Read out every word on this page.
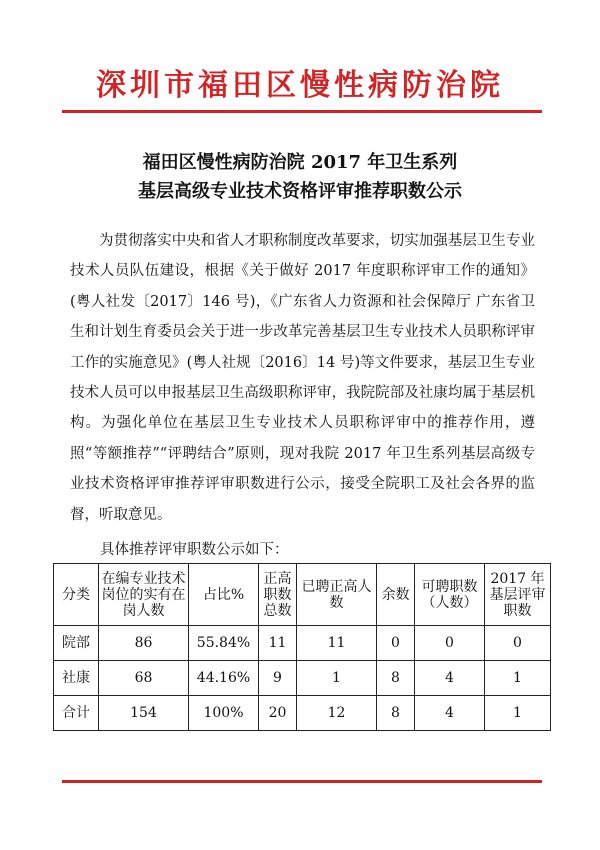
深圳市福田区慢性病防治院
福田区慢性病防治院 2017 年卫生系列
基层高级专业技术资格评审推荐职数公示

为贯彻落实中央和省人才职称制度改革要求，切实加强基层卫生专业技术人员队伍建设，根据《关于做好 2017 年度职称评审工作的通知》(粤人社发〔2017〕146 号)，《广东省人力资源和社会保障厅 广东省卫生和计划生育委员会关于进一步改革完善基层卫生专业技术人员职称评审工作的实施意见》(粤人社规〔2016〕14 号)等文件要求，基层卫生专业技术人员可以申报基层卫生高级职称评审，我院院部及社康均属于基层机构。为强化单位在基层卫生专业技术人员职称评审中的推荐作用，遵照“等额推荐”“评聘结合”原则，现对我院 2017 年卫生系列基层高级专业技术资格评审推荐评审职数进行公示，接受全院职工及社会各界的监督，听取意见。

具体推荐评审职数公示如下：
分类	在编专业技术岗位的实有在岗人数	占比%	正高职数总数	已聘正高人数	余数	可聘职数（人数）	2017 年基层评审职数
院部	86	55.84%	11	11	0	0	0
社康	68	44.16%	9	1	8	4	1
合计	154	100%	20	12	8	4	1
